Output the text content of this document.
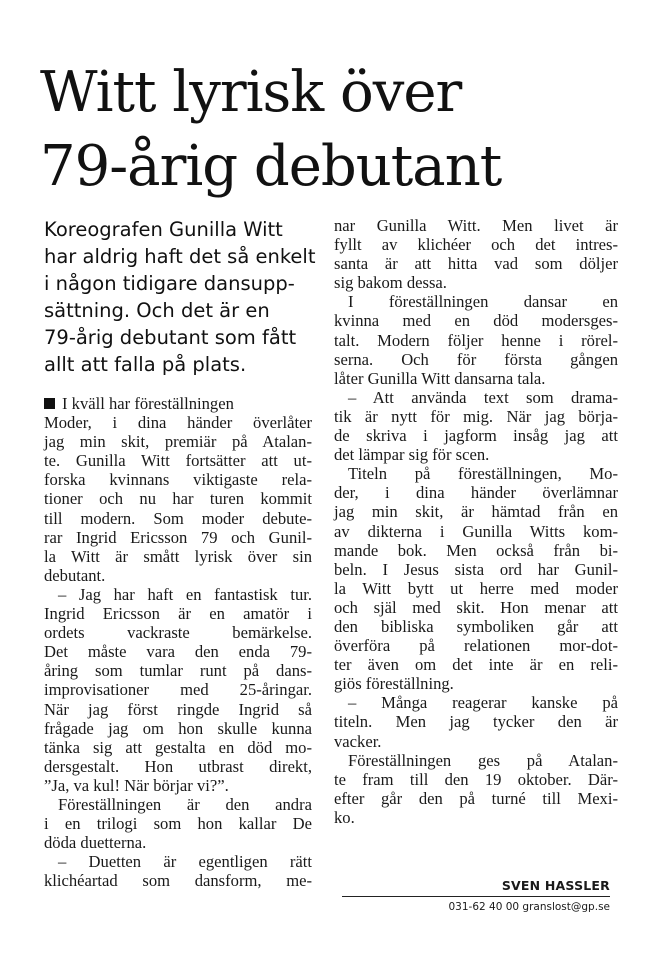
Witt lyrisk över
79-årig debutant
Koreografen Gunilla Witt
har aldrig haft det så enkelt
i någon tidigare dansupp-
sättning. Och det är en
79-årig debutant som fått
allt att falla på plats.
I kväll har föreställningen
Moder, i dina händer överlåter
jag min skit, premiär på Atalan-
te. Gunilla Witt fortsätter att ut-
forska kvinnans viktigaste rela-
tioner och nu har turen kommit
till modern. Som moder debute-
rar Ingrid Ericsson 79 och Gunil-
la Witt är smått lyrisk över sin
debutant.
– Jag har haft en fantastisk tur.
Ingrid Ericsson är en amatör i
ordets vackraste bemärkelse.
Det måste vara den enda 79-
åring som tumlar runt på dans-
improvisationer med 25-åringar.
När jag först ringde Ingrid så
frågade jag om hon skulle kunna
tänka sig att gestalta en död mo-
dersgestalt. Hon utbrast direkt,
”Ja, va kul! När börjar vi?”.
Föreställningen är den andra
i en trilogi som hon kallar De
döda duetterna.
– Duetten är egentligen rätt
klichéartad som dansform, me-
nar Gunilla Witt. Men livet är
fyllt av klichéer och det intres-
santa är att hitta vad som döljer
sig bakom dessa.
I föreställningen dansar en
kvinna med en död modersges-
talt. Modern följer henne i rörel-
serna. Och för första gången
låter Gunilla Witt dansarna tala.
– Att använda text som drama-
tik är nytt för mig. När jag börja-
de skriva i jagform insåg jag att
det lämpar sig för scen.
Titeln på föreställningen, Mo-
der, i dina händer överlämnar
jag min skit, är hämtad från en
av dikterna i Gunilla Witts kom-
mande bok. Men också från bi-
beln. I Jesus sista ord har Gunil-
la Witt bytt ut herre med moder
och själ med skit. Hon menar att
den bibliska symboliken går att
överföra på relationen mor-dot-
ter även om det inte är en reli-
giös föreställning.
– Många reagerar kanske på
titeln. Men jag tycker den är
vacker.
Föreställningen ges på Atalan-
te fram till den 19 oktober. Där-
efter går den på turné till Mexi-
ko.
SVEN HASSLER
031-62 40 00 granslost@gp.se
